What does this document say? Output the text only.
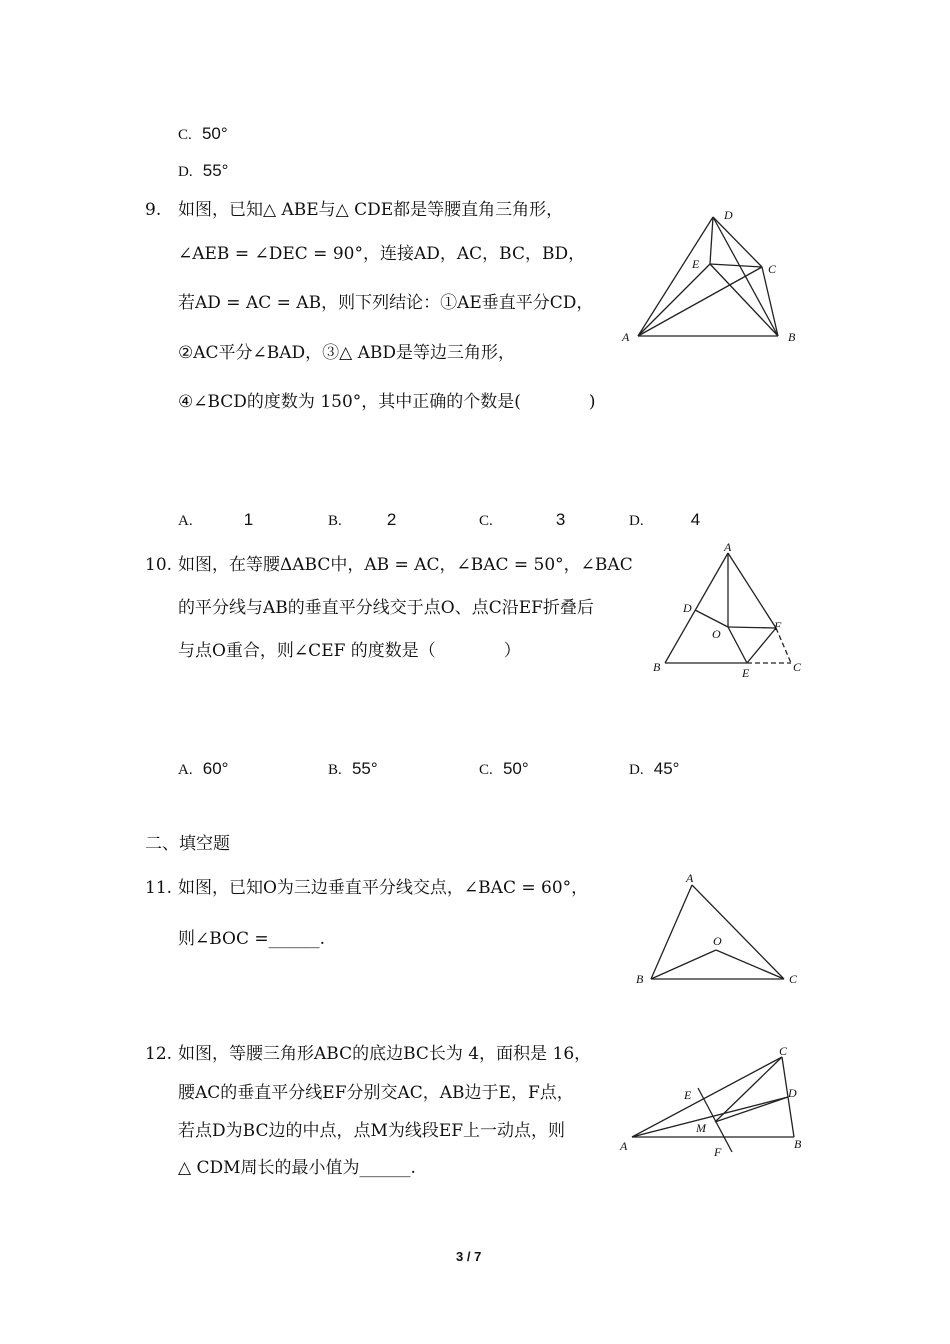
C. 50°
D. 55°
9. 如图，已知△ ABE与△ CDE都是等腰直角三角形，
∠AEB = ∠DEC = 90°，连接AD，AC，BC，BD，
若AD = AC = AB，则下列结论：①AE垂直平分CD，
②AC平分∠BAD，③△ ABD是等边三角形，
④∠BCD的度数为 150°，其中正确的个数是(　　　　)
A	B
C
D
E
A.	1	B.	2	C.	3	D.	4
10. 如图，在等腰ΔABC中，AB = AC，∠BAC = 50°，∠BAC
的平分线与AB的垂直平分线交于点O、点C沿EF折叠后
与点O重合，则∠CEF 的度数是（　　　　）
A
B	C
D
E
F
O
A. 60°	B. 55°	C. 50°	D. 45°
二、填空题
11. 如图，已知O为三边垂直平分线交点，∠BAC = 60°，
则∠BOC =______.
A
B	C
O
12. 如图，等腰三角形ABC的底边BC长为 4，面积是 16，
腰AC的垂直平分线EF分别交AC，AB边于E，F点，
若点D为BC边的中点，点M为线段EF上一动点，则
△ CDM周长的最小值为______.
A	B
C
D
E
F
M
3 / 7
